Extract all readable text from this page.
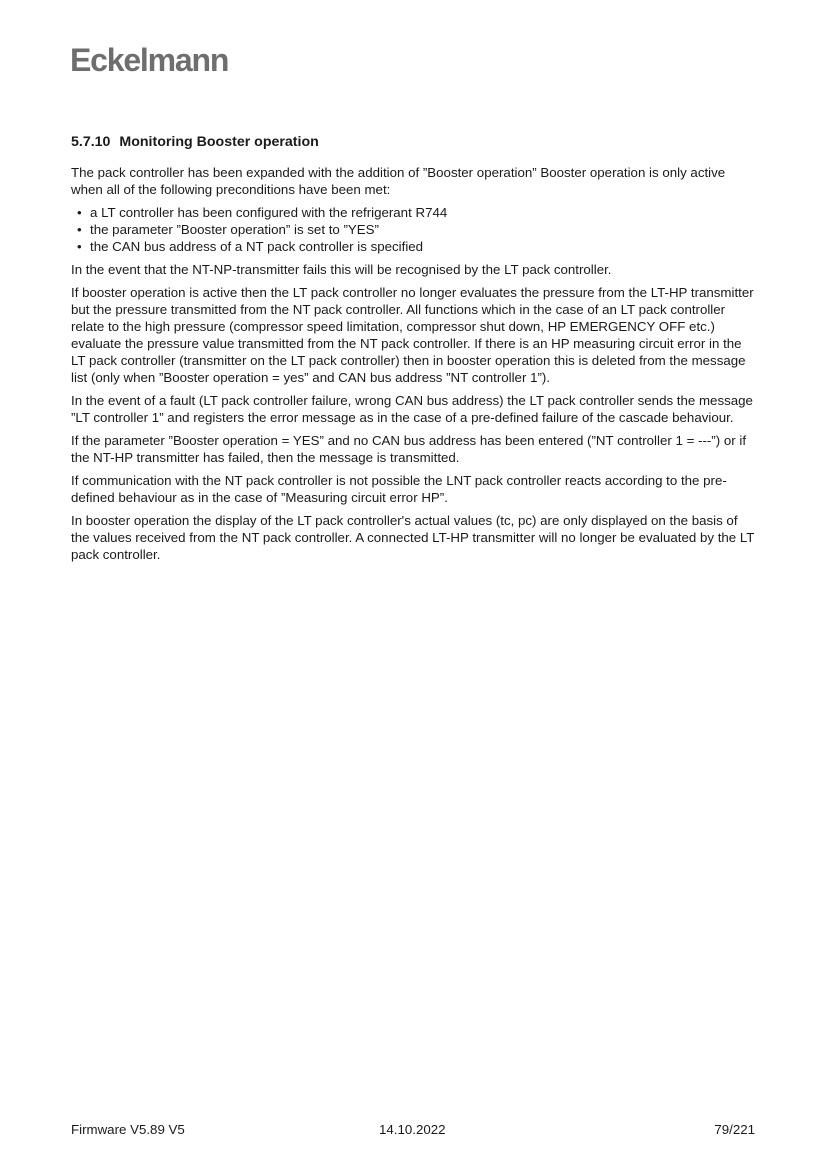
Eckelmann
5.7.10 Monitoring Booster operation

The pack controller has been expanded with the addition of ”Booster operation” Booster operation is only active when all of the following preconditions have been met:

• a LT controller has been configured with the refrigerant R744
• the parameter ”Booster operation” is set to ”YES”
• the CAN bus address of a NT pack controller is specified

In the event that the NT-NP-transmitter fails this will be recognised by the LT pack controller.

If booster operation is active then the LT pack controller no longer evaluates the pressure from the LT-HP transmitter but the pressure transmitted from the NT pack controller. All functions which in the case of an LT pack controller relate to the high pressure (compressor speed limitation, compressor shut down, HP EMERGENCY OFF etc.) evaluate the pressure value transmitted from the NT pack controller. If there is an HP measuring circuit error in the LT pack controller (transmitter on the LT pack controller) then in booster operation this is deleted from the message list (only when ”Booster operation = yes” and CAN bus address ”NT controller 1”).

In the event of a fault (LT pack controller failure, wrong CAN bus address) the LT pack controller sends the message ”LT controller 1” and registers the error message as in the case of a pre-defined failure of the cascade behaviour.

If the parameter ”Booster operation = YES” and no CAN bus address has been entered (”NT controller 1 = ---”) or if the NT-HP transmitter has failed, then the message is transmitted.

If communication with the NT pack controller is not possible the LNT pack controller reacts according to the pre-defined behaviour as in the case of ”Measuring circuit error HP”.

In booster operation the display of the LT pack controller's actual values (tc, pc) are only displayed on the basis of the values received from the NT pack controller. A connected LT-HP transmitter will no longer be evaluated by the LT pack controller.

Firmware V5.89 V5	14.10.2022	79/221
